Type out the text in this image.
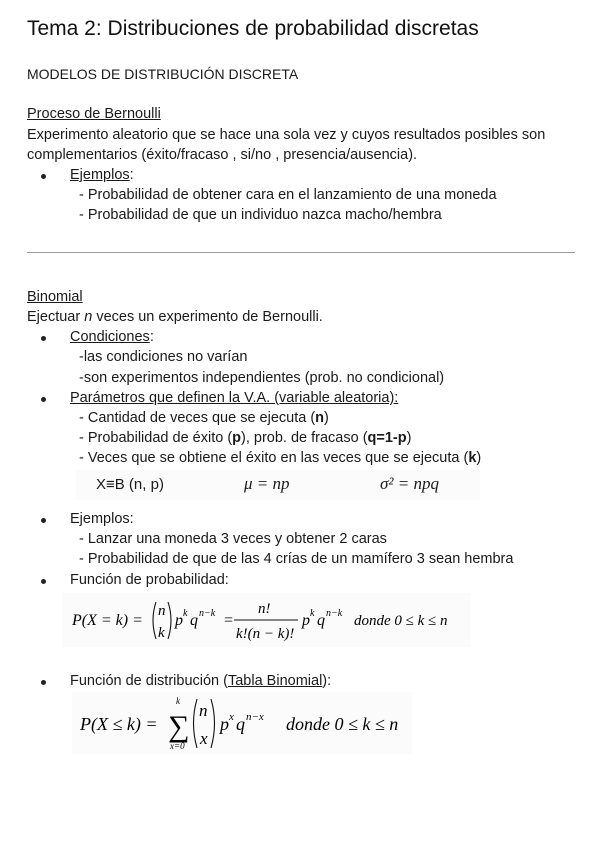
Tema 2: Distribuciones de probabilidad discretas
MODELOS DE DISTRIBUCIÓN DISCRETA
Proceso de Bernoulli
Experimento aleatorio que se hace una sola vez y cuyos resultados posibles son
complementarios (éxito/fracaso , si/no , presencia/ausencia).
Ejemplos:
- Probabilidad de obtener cara en el lanzamiento de una moneda
- Probabilidad de que un individuo nazca macho/hembra
Binomial
Ejectuar n veces un experimento de Bernoulli.
Condiciones:
-las condiciones no varían
-son experimentos independientes (prob. no condicional)
Parámetros que definen la V.A. (variable aleatoria):
- Cantidad de veces que se ejecuta (n)
- Probabilidad de éxito (p), prob. de fracaso (q=1-p)
- Veces que se obtiene el éxito en las veces que se ejecuta (k)
X≡B (n, p)	μ = np	σ² = npq
Ejemplos:
- Lanzar una moneda 3 veces y obtener 2 caras
- Probabilidad de que de las 4 crías de un mamífero 3 sean hembra
Función de probabilidad:
P(X = k) =
n
k
p k q n−k =
n!
k!(n − k)!
p k q n−k donde 0 ≤ k ≤ n
Función de distribución (Tabla Binomial):
P(X ≤ k) =
k
∑
x=0
n
x
p x q n−x donde 0 ≤ k ≤ n
